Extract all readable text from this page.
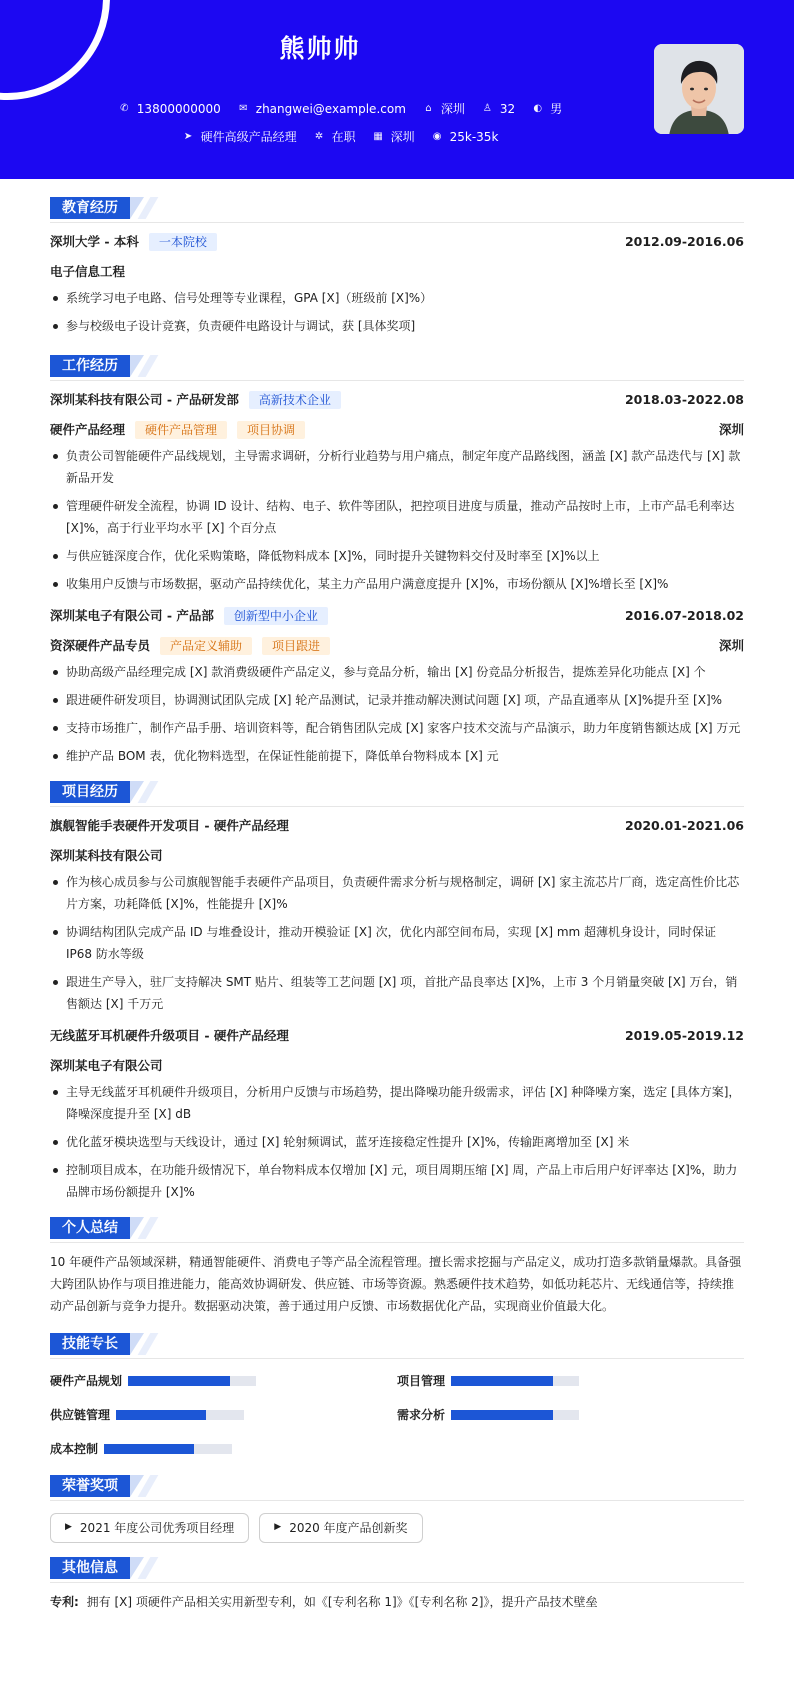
熊帅帅
✆ 13800000000 ✉ zhangwei@example.com	⌂ 深圳 ♙ 32 ◐ 男
➤ 硬件高级产品经理 ✲ 在职 ▦ 深圳 ◉ 25k-35k
教育经历
深圳大学 - 本科	一本院校	2012.09-2016.06
电子信息工程
系统学习电子电路、信号处理等专业课程，GPA [X]（班级前 [X]%）
参与校级电子设计竞赛，负责硬件电路设计与调试，获 [具体奖项]
工作经历
深圳某科技有限公司 - 产品研发部	高新技术企业	2018.03-2022.08
硬件产品经理	硬件产品管理	项目协调	深圳
负责公司智能硬件产品线规划，主导需求调研，分析行业趋势与用户痛点，制定年度产品路线图，涵盖 [X] 款产品迭代与 [X] 款新品开发
管理硬件研发全流程，协调 ID 设计、结构、电子、软件等团队，把控项目进度与质量，推动产品按时上市，上市产品毛利率达 [X]%，高于行业平均水平 [X] 个百分点
与供应链深度合作，优化采购策略，降低物料成本 [X]%，同时提升关键物料交付及时率至 [X]%以上
收集用户反馈与市场数据，驱动产品持续优化，某主力产品用户满意度提升 [X]%，市场份额从 [X]%增长至 [X]%
深圳某电子有限公司 - 产品部	创新型中小企业	2016.07-2018.02
资深硬件产品专员	产品定义辅助	项目跟进	深圳
协助高级产品经理完成 [X] 款消费级硬件产品定义，参与竞品分析，输出 [X] 份竞品分析报告，提炼差异化功能点 [X] 个
跟进硬件研发项目，协调测试团队完成 [X] 轮产品测试，记录并推动解决测试问题 [X] 项，产品直通率从 [X]%提升至 [X]%
支持市场推广，制作产品手册、培训资料等，配合销售团队完成 [X] 家客户技术交流与产品演示，助力年度销售额达成 [X] 万元
维护产品 BOM 表，优化物料选型，在保证性能前提下，降低单台物料成本 [X] 元
项目经历
旗舰智能手表硬件开发项目 - 硬件产品经理	2020.01-2021.06
深圳某科技有限公司
作为核心成员参与公司旗舰智能手表硬件产品项目，负责硬件需求分析与规格制定，调研 [X] 家主流芯片厂商，选定高性价比芯片方案，功耗降低 [X]%，性能提升 [X]%
协调结构团队完成产品 ID 与堆叠设计，推动开模验证 [X] 次，优化内部空间布局，实现 [X] mm 超薄机身设计，同时保证 IP68 防水等级
跟进生产导入，驻厂支持解决 SMT 贴片、组装等工艺问题 [X] 项，首批产品良率达 [X]%，上市 3 个月销量突破 [X] 万台，销售额达 [X] 千万元
无线蓝牙耳机硬件升级项目 - 硬件产品经理	2019.05-2019.12
深圳某电子有限公司
主导无线蓝牙耳机硬件升级项目，分析用户反馈与市场趋势，提出降噪功能升级需求，评估 [X] 种降噪方案，选定 [具体方案]，降噪深度提升至 [X] dB
优化蓝牙模块选型与天线设计，通过 [X] 轮射频调试，蓝牙连接稳定性提升 [X]%，传输距离增加至 [X] 米
控制项目成本，在功能升级情况下，单台物料成本仅增加 [X] 元，项目周期压缩 [X] 周，产品上市后用户好评率达 [X]%，助力品牌市场份额提升 [X]%
个人总结

10 年硬件产品领域深耕，精通智能硬件、消费电子等产品全流程管理。擅长需求挖掘与产品定义，成功打造多款销量爆款。具备强大跨团队协作与项目推进能力，能高效协调研发、供应链、市场等资源。熟悉硬件技术趋势，如低功耗芯片、无线通信等，持续推动产品创新与竞争力提升。数据驱动决策，善于通过用户反馈、市场数据优化产品，实现商业价值最大化。

技能专长
硬件产品规划	项目管理
供应链管理	需求分析
成本控制
荣誉奖项
▶ 2021 年度公司优秀项目经理	▶ 2020 年度产品创新奖
其他信息
专利: 拥有 [X] 项硬件产品相关实用新型专利，如《[专利名称 1]》《[专利名称 2]》，提升产品技术壁垒
